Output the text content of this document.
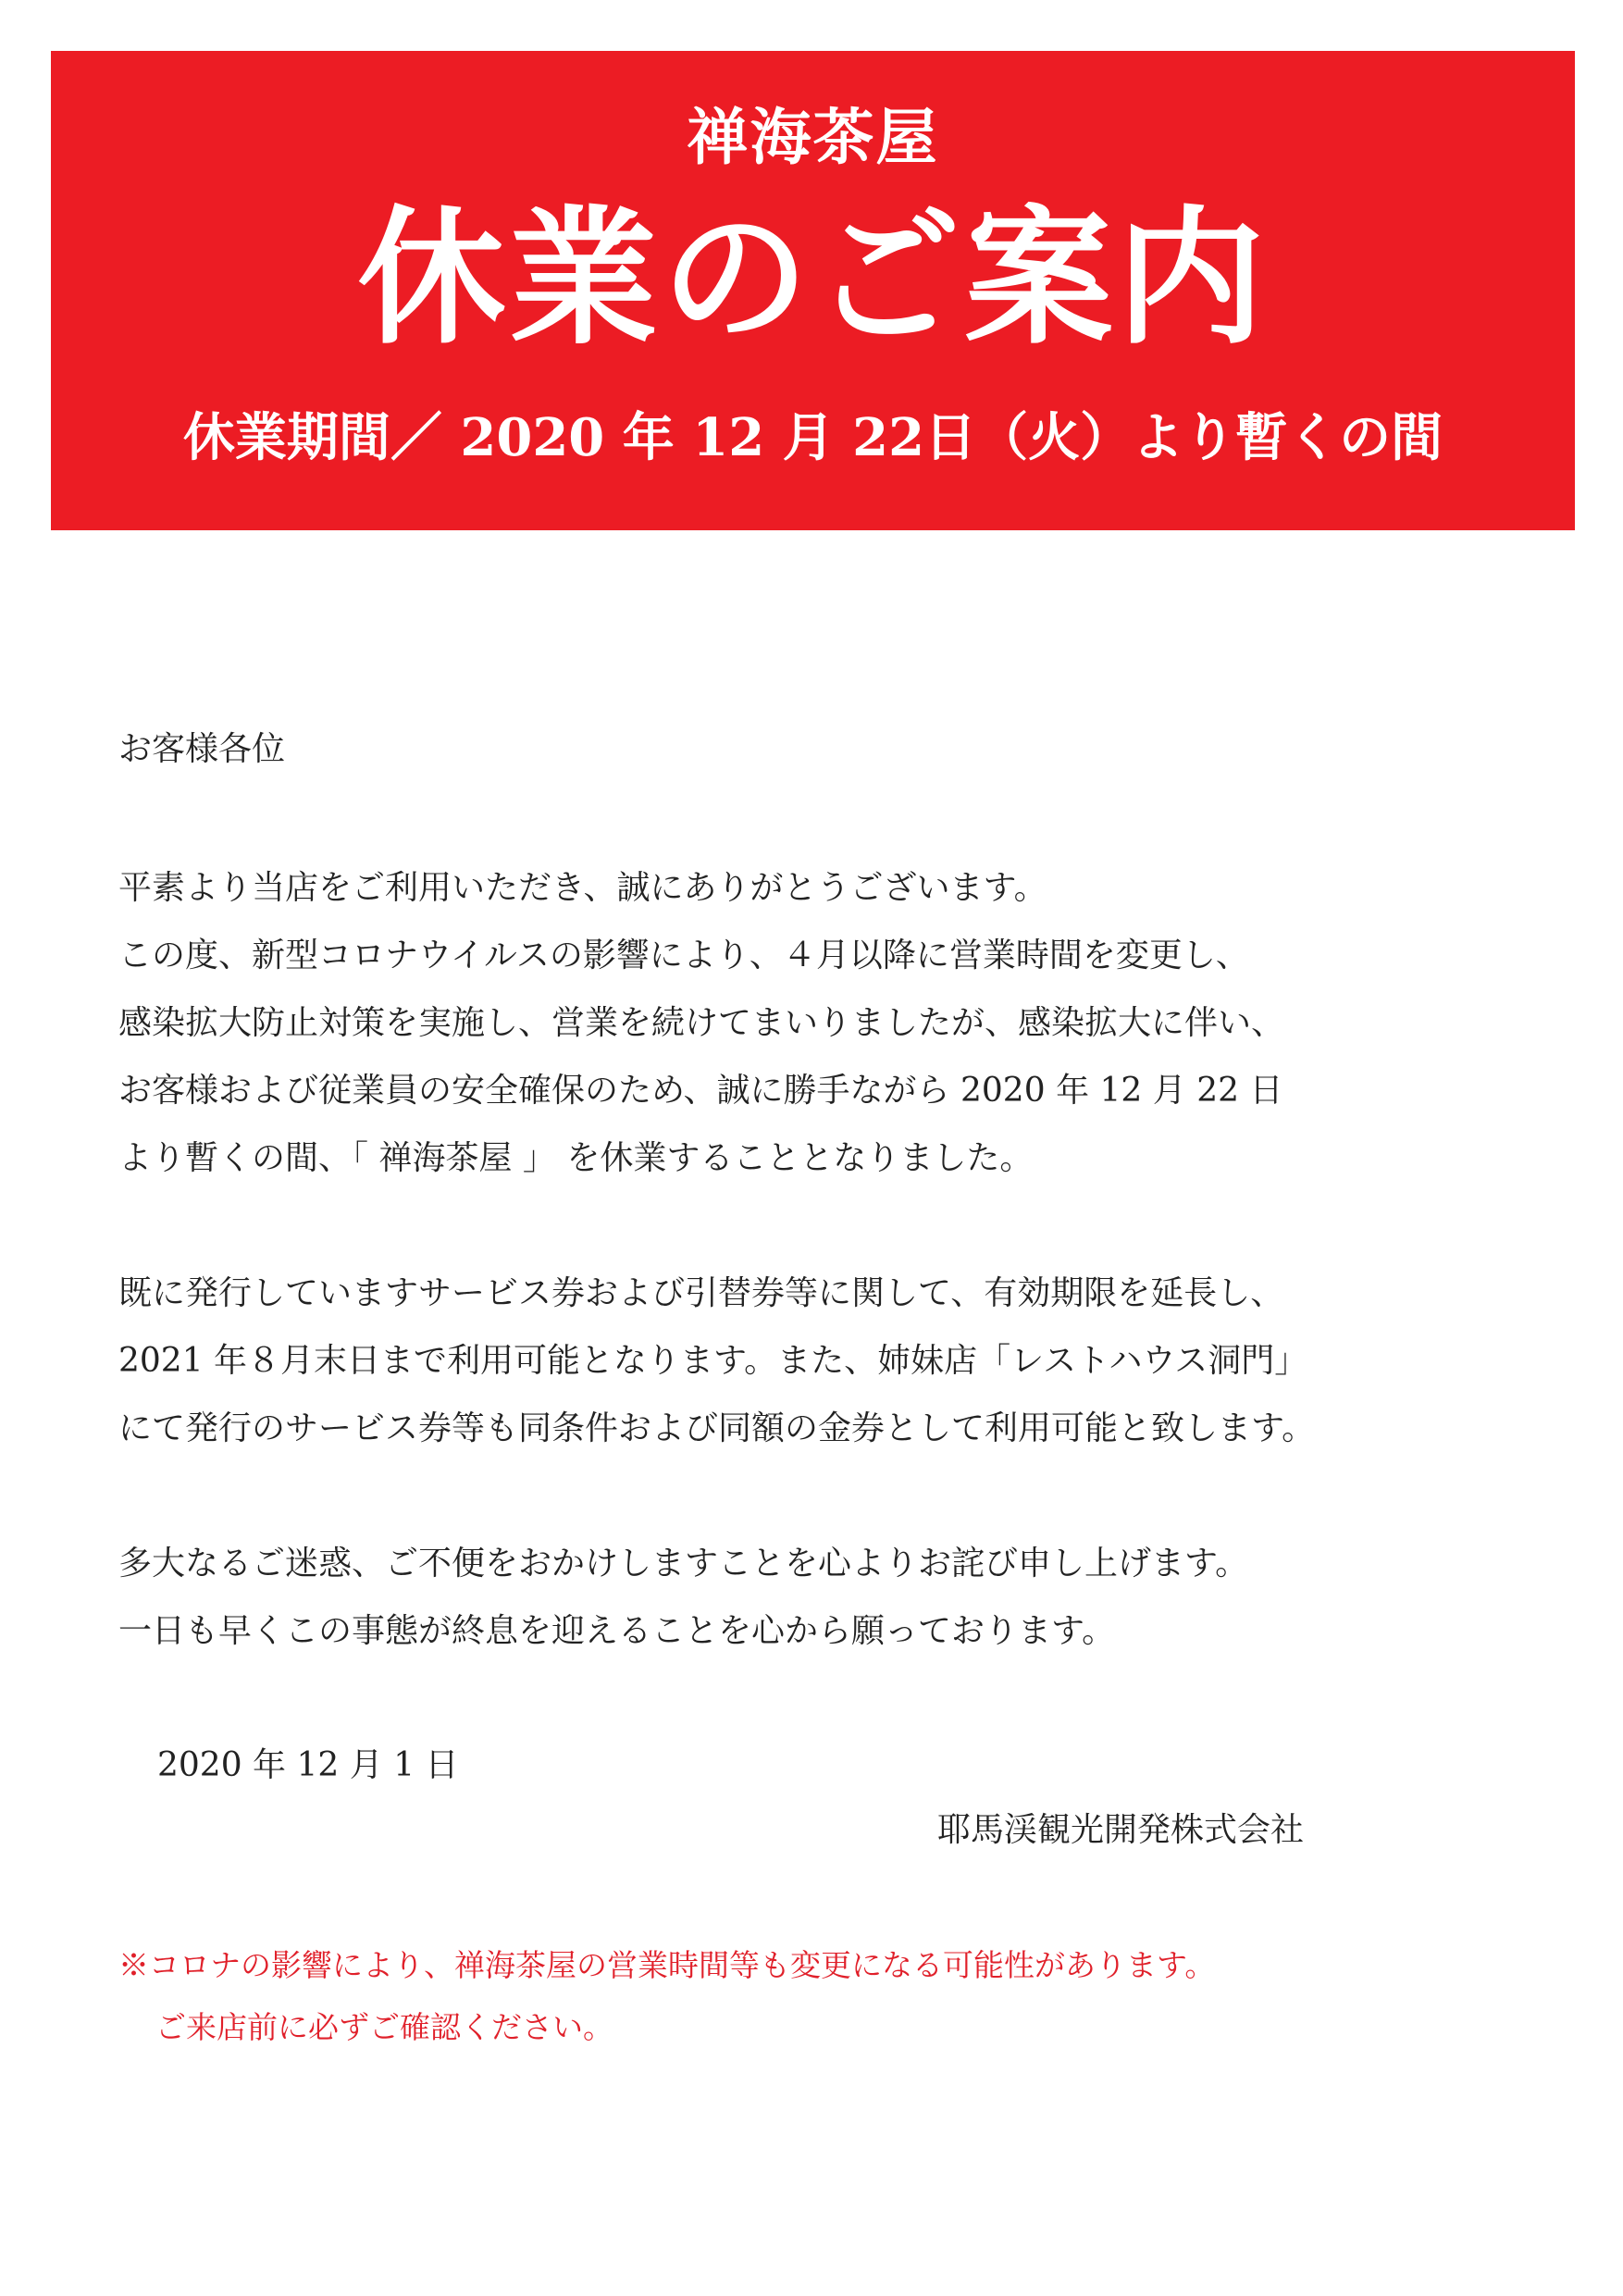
禅海茶屋
休業のご案内
休業期間／ 2020 年 12 月 22日（火）より暫くの間
お客様各位
平素より当店をご利用いただき、誠にありがとうございます。
この度、新型コロナウイルスの影響により、４月以降に営業時間を変更し、
感染拡大防止対策を実施し、営業を続けてまいりましたが、感染拡大に伴い、
お客様および従業員の安全確保のため、誠に勝手ながら 2020 年 12 月 22 日
より暫くの間、「 禅海茶屋 」 を休業することとなりました。
既に発行していますサービス券および引替券等に関して、有効期限を延長し、
2021 年８月末日まで利用可能となります。また、姉妹店「レストハウス洞門」
にて発行のサービス券等も同条件および同額の金券として利用可能と致します。
多大なるご迷惑、ご不便をおかけしますことを心よりお詫び申し上げます。
一日も早くこの事態が終息を迎えることを心から願っております。
2020 年 12 月 1 日
耶馬渓観光開発株式会社
※コロナの影響により、禅海茶屋の営業時間等も変更になる可能性があります。
ご来店前に必ずご確認ください。
